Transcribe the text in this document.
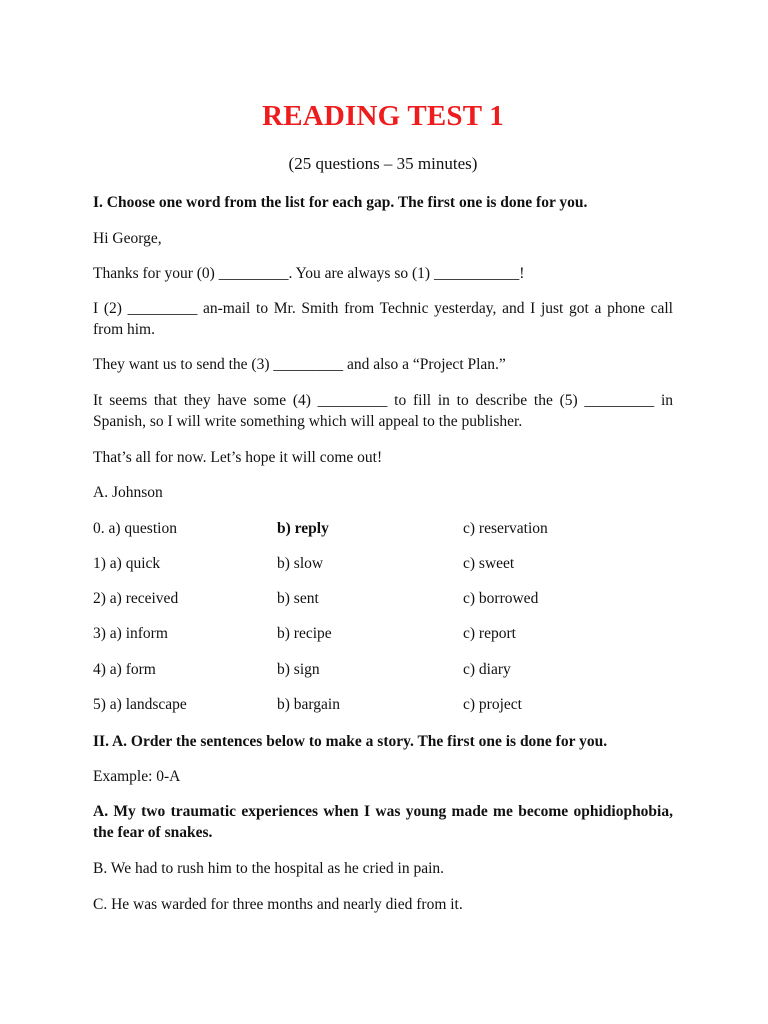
READING TEST 1
(25 questions – 35 minutes)
I. Choose one word from the list for each gap. The first one is done for you.
Hi George,
Thanks for your (0) _________. You are always so (1) ___________!
I (2) _________ an-mail to Mr. Smith from Technic yesterday, and I just got a phone call from him.
They want us to send the (3) _________ and also a “Project Plan.”
It seems that they have some (4) _________ to fill in to describe the (5) _________ in Spanish, so I will write something which will appeal to the publisher.
That’s all for now. Let’s hope it will come out!
A. Johnson
0. a) question	b) reply	c) reservation
1) a) quick	b) slow	c) sweet
2) a) received	b) sent	c) borrowed
3) a) inform	b) recipe	c) report
4) a) form	b) sign	c) diary
5) a) landscape	b) bargain	c) project
II. A. Order the sentences below to make a story. The first one is done for you.
Example: 0-A
A. My two traumatic experiences when I was young made me become ophidiophobia, the fear of snakes.
B. We had to rush him to the hospital as he cried in pain.
C. He was warded for three months and nearly died from it.
